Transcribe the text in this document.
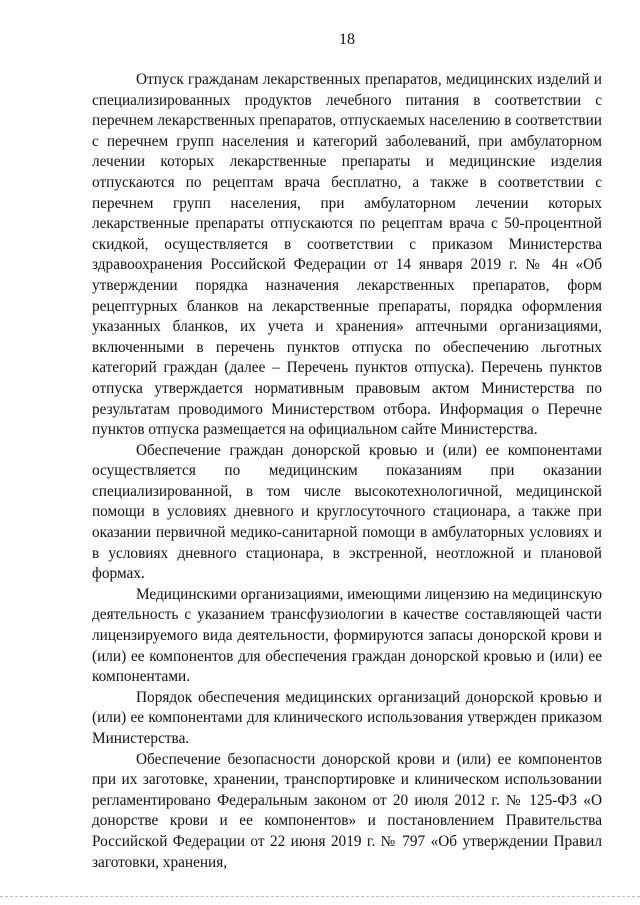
18

Отпуск гражданам лекарственных препаратов, медицинских изделий и специализированных продуктов лечебного питания в соответствии с перечнем лекарственных препаратов, отпускаемых населению в соответствии с перечнем групп населения и категорий заболеваний, при амбулаторном лечении которых лекарственные препараты и медицинские изделия отпускаются по рецептам врача бесплатно, а также в соответствии с перечнем групп населения, при амбулаторном лечении которых лекарственные препараты отпускаются по рецептам врача с 50-процентной скидкой, осуществляется в соответствии с приказом Министерства здравоохранения Российской Федерации от 14 января 2019 г. № 4н «Об утверждении порядка назначения лекарственных препаратов, форм рецептурных бланков на лекарственные препараты, порядка оформления указанных бланков, их учета и хранения» аптечными организациями, включенными в перечень пунктов отпуска по обеспечению льготных категорий граждан (далее – Перечень пунктов отпуска). Перечень пунктов отпуска утверждается нормативным правовым актом Министерства по результатам проводимого Министерством отбора. Информация о Перечне пунктов отпуска размещается на официальном сайте Министерства.

Обеспечение граждан донорской кровью и (или) ее компонентами осуществляется по медицинским показаниям при оказании специализированной, в том числе высокотехнологичной, медицинской помощи в условиях дневного и круглосуточного стационара, а также при оказании первичной медико-санитарной помощи в амбулаторных условиях и в условиях дневного стационара, в экстренной, неотложной и плановой формах.

Медицинскими организациями, имеющими лицензию на медицинскую деятельность с указанием трансфузиологии в качестве составляющей части лицензируемого вида деятельности, формируются запасы донорской крови и (или) ее компонентов для обеспечения граждан донорской кровью и (или) ее компонентами.

Порядок обеспечения медицинских организаций донорской кровью и (или) ее компонентами для клинического использования утвержден приказом Министерства.

Обеспечение безопасности донорской крови и (или) ее компонентов при их заготовке, хранении, транспортировке и клиническом использовании регламентировано Федеральным законом от 20 июля 2012 г. № 125-ФЗ «О донорстве крови и ее компонентов» и постановлением Правительства Российской Федерации от 22 июня 2019 г. № 797 «Об утверждении Правил заготовки, хранения,
